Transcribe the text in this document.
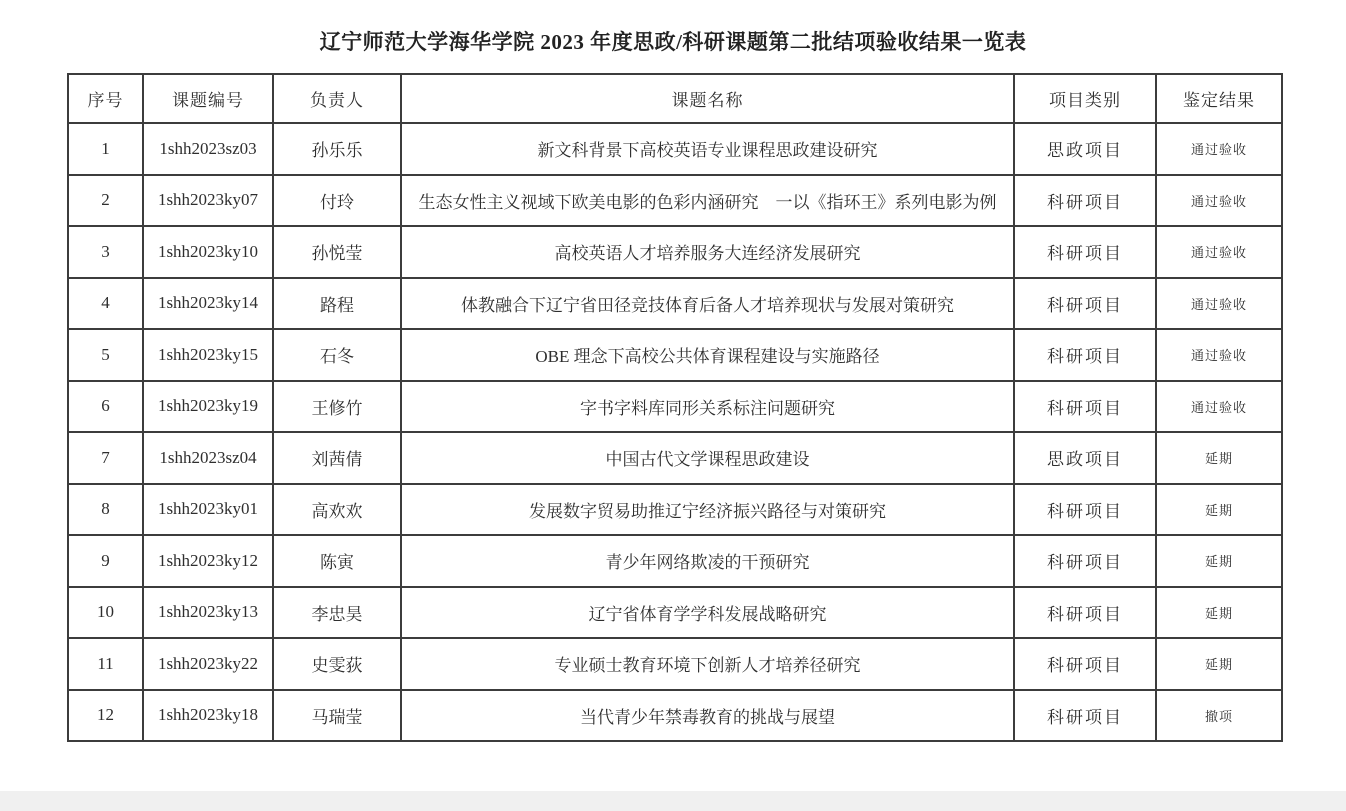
辽宁师范大学海华学院 2023 年度思政/科研课题第二批结项验收结果一览表
序号	课题编号	负责人	课题名称	项目类别	鉴定结果
1	1shh2023sz03	孙乐乐	新文科背景下高校英语专业课程思政建设研究	思政项目	通过验收
2	1shh2023ky07	付玲	生态女性主义视域下欧美电影的色彩内涵研究　一以《指环王》系列电影为例	科研项目	通过验收
3	1shh2023ky10	孙悦莹	高校英语人才培养服务大连经济发展研究	科研项目	通过验收
4	1shh2023ky14	路程	体教融合下辽宁省田径竞技体育后备人才培养现状与发展对策研究	科研项目	通过验收
5	1shh2023ky15	石冬	OBE 理念下高校公共体育课程建设与实施路径	科研项目	通过验收
6	1shh2023ky19	王修竹	字书字料库同形关系标注问题研究	科研项目	通过验收
7	1shh2023sz04	刘茜倩	中国古代文学课程思政建设	思政项目	延期
8	1shh2023ky01	高欢欢	发展数字贸易助推辽宁经济振兴路径与对策研究	科研项目	延期
9	1shh2023ky12	陈寅	青少年网络欺凌的干预研究	科研项目	延期
10	1shh2023ky13	李忠昊	辽宁省体育学学科发展战略研究	科研项目	延期
11	1shh2023ky22	史雯荻	专业硕士教育环境下创新人才培养径研究	科研项目	延期
12	1shh2023ky18	马瑞莹	当代青少年禁毒教育的挑战与展望	科研项目	撤项
